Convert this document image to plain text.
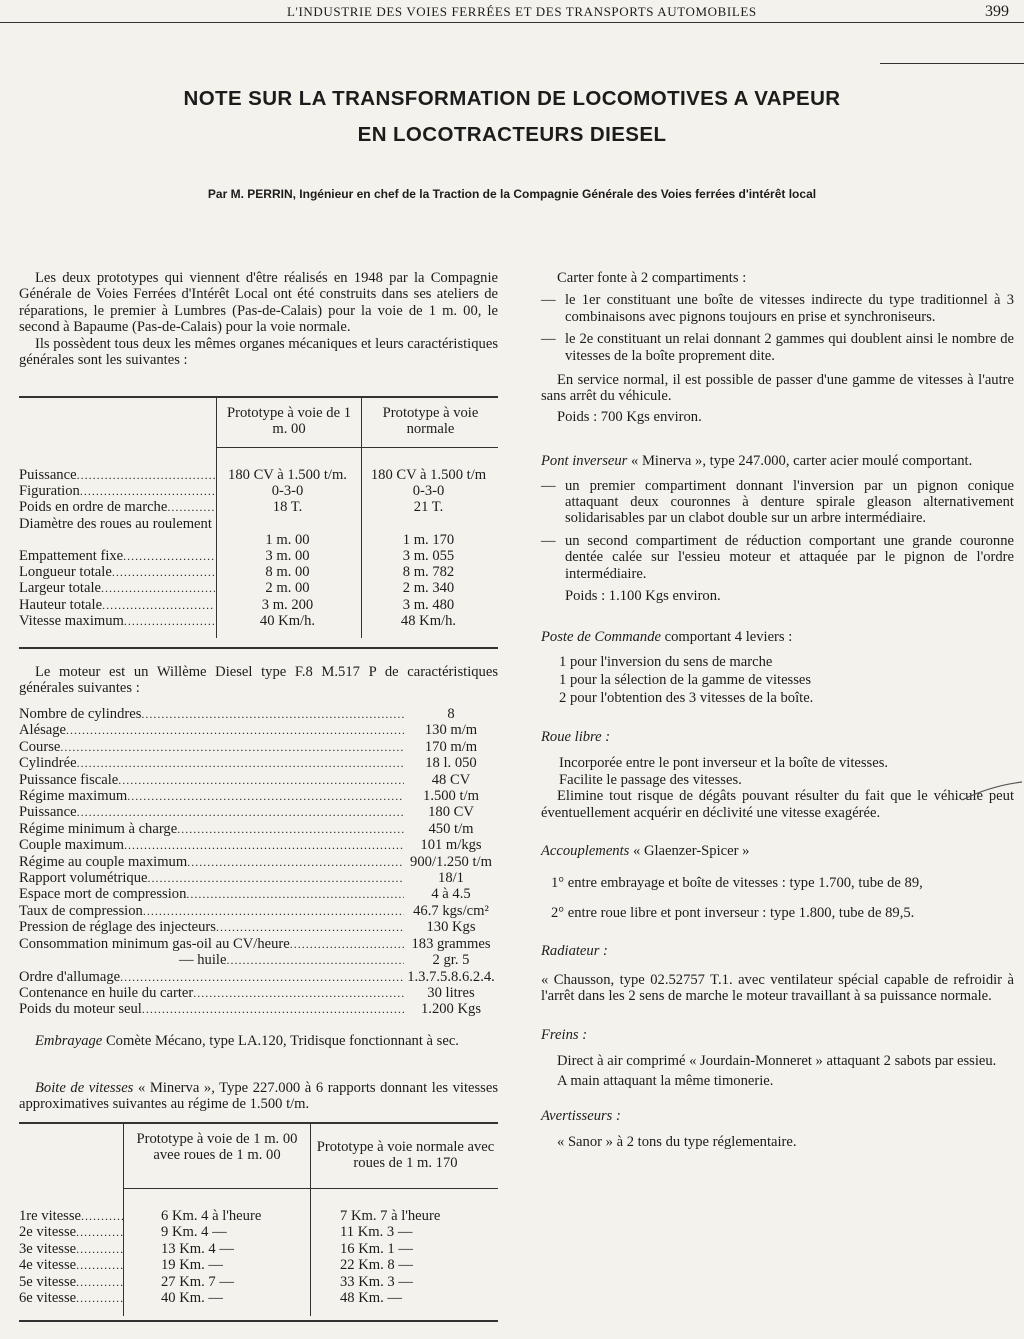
L'INDUSTRIE DES VOIES FERRÉES ET DES TRANSPORTS AUTOMOBILES	399
NOTE SUR LA TRANSFORMATION DE LOCOMOTIVES A VAPEUR
EN LOCOTRACTEURS DIESEL
Par M. PERRIN, Ingénieur en chef de la Traction de la Compagnie Générale des Voies ferrées d'intérêt local

Les deux prototypes qui viennent d'être réalisés en 1948 par la Compagnie Générale de Voies Ferrées d'Intérêt Local ont été construits dans ses ateliers de réparations, le premier à Lumbres (Pas-de-Calais) pour la voie de 1 m. 00, le second à Bapaume (Pas-de-Calais) pour la voie normale.

Ils possèdent tous deux les mêmes organes mécaniques et leurs caractéristiques générales sont les suivantes :

Prototype à voie de 1 m. 00
Prototype à voie normale
Puissance .....	180 CV à 1.500 t/m.	180 CV à 1.500 t/m
Figuration .....	0-3-0	0-3-0
Poids en ordre de marche .....	18 T.	21 T.
Diamètre des roues au roulement
1 m. 00	1 m. 170
Empattement fixe .....	3 m. 00	3 m. 055
Longueur totale .....	8 m. 00	8 m. 782
Largeur totale .....	2 m. 00	2 m. 340
Hauteur totale .....	3 m. 200	3 m. 480
Vitesse maximum .....	40 Km/h.	48 Km/h.

Le moteur est un Willème Diesel type F.8 M.517 P de caractéristiques générales suivantes :

Nombre de cylindres .....	8
Alésage .....	130 m/m
Course .....	170 m/m
Cylindrée .....	18 l. 050
Puissance fiscale .....	48 CV
Régime maximum .....	1.500 t/m
Puissance .....	180 CV
Régime minimum à charge .....	450 t/m
Couple maximum .....	101 m/kgs
Régime au couple maximum .....	900/1.250 t/m
Rapport volumétrique .....	18/1
Espace mort de compression .....	4 à 4.5
Taux de compression .....	46.7 kgs/cm²
Pression de réglage des injecteurs .....	130 Kgs
Consommation minimum gas-oil au CV/heure .....	183 grammes
— huile .....	2 gr. 5
Ordre d'allumage .....	1.3.7.5.8.6.2.4.
Contenance en huile du carter .....	30 litres
Poids du moteur seul .....	1.200 Kgs

Embrayage Comète Mécano, type LA.120, Tridisque fonctionnant à sec.

Boite de vitesses « Minerva », Type 227.000 à 6 rapports donnant les vitesses approximatives suivantes au régime de 1.500 t/m.

Prototype à voie de 1 m. 00 avee roues de 1 m. 00
Prototype à voie normale avec roues de 1 m. 170
1re vitesse .....	6 Km. 4 à l'heure	7 Km. 7 à l'heure
2e vitesse .....	9 Km. 4 —	11 Km. 3 —
3e vitesse .....	13 Km. 4 —	16 Km. 1 —
4e vitesse .....	19 Km. —	22 Km. 8 —
5e vitesse .....	27 Km. 7 —	33 Km. 3 —
6e vitesse .....	40 Km. —	48 Km. —

Carter fonte à 2 compartiments :

— le 1er constituant une boîte de vitesses indirecte du type traditionnel à 3 combinaisons avec pignons toujours en prise et synchroniseurs.
— le 2e constituant un relai donnant 2 gammes qui doublent ainsi le nombre de vitesses de la boîte proprement dite.

En service normal, il est possible de passer d'une gamme de vitesses à l'autre sans arrêt du véhicule.

Poids : 700 Kgs environ.

Pont inverseur « Minerva », type 247.000, carter acier moulé comportant.

— un premier compartiment donnant l'inversion par un pignon conique attaquant deux couronnes à denture spirale gleason alternativement solidarisables par un clabot double sur un arbre intermédiaire.
— un second compartiment de réduction comportant une grande couronne dentée calée sur l'essieu moteur et attaquée par le pignon de l'ordre intermédiaire.

Poids : 1.100 Kgs environ.

Poste de Commande comportant 4 leviers :

1 pour l'inversion du sens de marche
1 pour la sélection de la gamme de vitesses
2 pour l'obtention des 3 vitesses de la boîte.

Roue libre :

Incorporée entre le pont inverseur et la boîte de vitesses.
Facilite le passage des vitesses.

Elimine tout risque de dégâts pouvant résulter du fait que le véhicule peut éventuellement acquérir en déclivité une vitesse exagérée.

Accouplements « Glaenzer-Spicer »

1° entre embrayage et boîte de vitesses : type 1.700, tube de 89,
2° entre roue libre et pont inverseur : type 1.800, tube de 89,5.

Radiateur :

« Chausson, type 02.52757 T.1. avec ventilateur spécial capable de refroidir à l'arrêt dans les 2 sens de marche le moteur travaillant à sa puissance normale.

Freins :

Direct à air comprimé « Jourdain-Monneret » attaquant 2 sabots par essieu.

A main attaquant la même timonerie.

Avertisseurs :

« Sanor » à 2 tons du type réglementaire.
